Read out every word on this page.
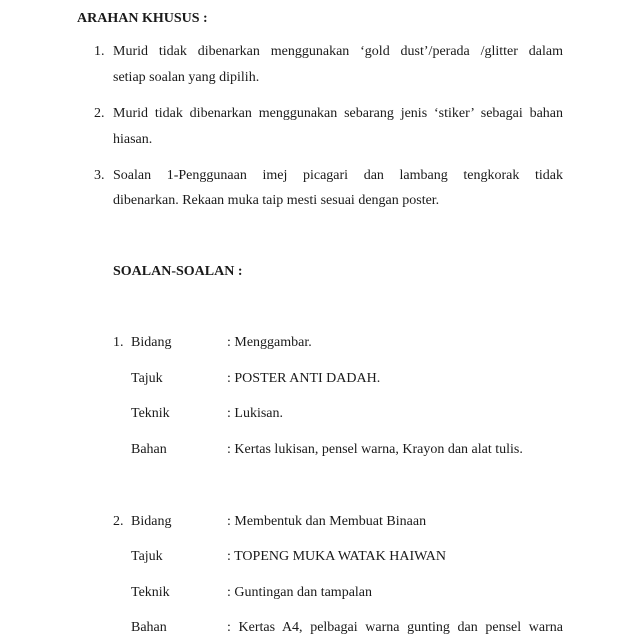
ARAHAN KHUSUS :
1. Murid tidak dibenarkan menggunakan ‘gold dust’/perada /glitter dalam
setiap soalan yang dipilih.
2. Murid tidak dibenarkan menggunakan sebarang jenis ‘stiker’ sebagai bahan
hiasan.
3. Soalan 1-Penggunaan imej picagari dan lambang tengkorak tidak
dibenarkan. Rekaan muka taip mesti sesuai dengan poster.
SOALAN-SOALAN :
1. Bidang	: Menggambar.
Tajuk	: POSTER ANTI DADAH.
Teknik	: Lukisan.
Bahan	: Kertas lukisan, pensel warna, Krayon dan alat tulis.
2. Bidang	: Membentuk dan Membuat Binaan
Tajuk	: TOPENG MUKA WATAK HAIWAN
Teknik	: Guntingan dan tampalan
Bahan	: Kertas A4, pelbagai warna gunting dan pensel warna
